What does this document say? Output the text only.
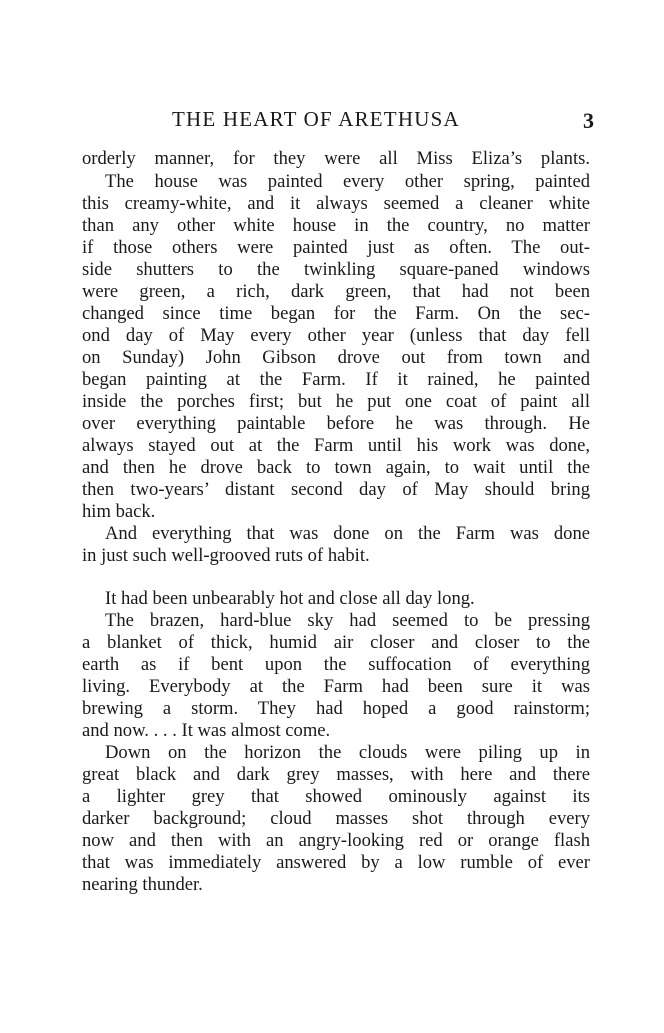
THE HEART OF ARETHUSA	3
orderly manner, for they were all Miss Eliza’s plants.
The house was painted every other spring, painted
this creamy-white, and it always seemed a cleaner white
than any other white house in the country, no matter
if those others were painted just as often. The out-
side shutters to the twinkling square-paned windows
were green, a rich, dark green, that had not been
changed since time began for the Farm. On the sec-
ond day of May every other year (unless that day fell
on Sunday) John Gibson drove out from town and
began painting at the Farm. If it rained, he painted
inside the porches first; but he put one coat of paint all
over everything paintable before he was through. He
always stayed out at the Farm until his work was done,
and then he drove back to town again, to wait until the
then two-years’ distant second day of May should bring
him back.
And everything that was done on the Farm was done
in just such well-grooved ruts of habit.
It had been unbearably hot and close all day long.
The brazen, hard-blue sky had seemed to be pressing
a blanket of thick, humid air closer and closer to the
earth as if bent upon the suffocation of everything
living. Everybody at the Farm had been sure it was
brewing a storm. They had hoped a good rainstorm;
and now. . . . It was almost come.
Down on the horizon the clouds were piling up in
great black and dark grey masses, with here and there
a lighter grey that showed ominously against its
darker background; cloud masses shot through every
now and then with an angry-looking red or orange flash
that was immediately answered by a low rumble of ever
nearing thunder.
